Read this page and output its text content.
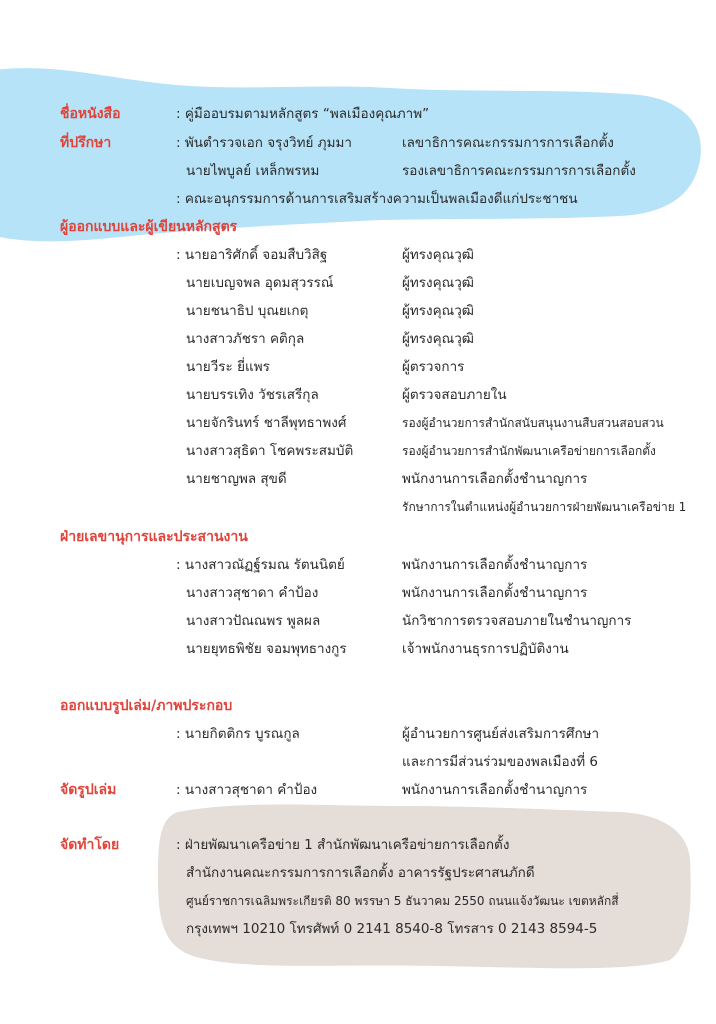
ชื่อหนังสือ	: คู่มืออบรมตามหลักสูตร “พลเมืองคุณภาพ”
ที่ปรึกษา	: พันตำรวจเอก จรุงวิทย์ ภุมมา	เลขาธิการคณะกรรมการการเลือกตั้ง
นายไพบูลย์ เหล็กพรหม	รองเลขาธิการคณะกรรมการการเลือกตั้ง
: คณะอนุกรรมการด้านการเสริมสร้างความเป็นพลเมืองดีแก่ประชาชน
ผู้ออกแบบและผู้เขียนหลักสูตร
: นายอาริศักดิ์ จอมสืบวิสิฐ	ผู้ทรงคุณวุฒิ
นายเบญจพล อุดมสุวรรณ์	ผู้ทรงคุณวุฒิ
นายชนาธิป บุณยเกตุ	ผู้ทรงคุณวุฒิ
นางสาวภัชรา คติกุล	ผู้ทรงคุณวุฒิ
นายวีระ ยี่แพร	ผู้ตรวจการ
นายบรรเทิง วัชรเสรีกุล	ผู้ตรวจสอบภายใน
นายจักรินทร์ ชาลีพุทธาพงศ์	รองผู้อำนวยการสำนักสนับสนุนงานสืบสวนสอบสวน
นางสาวสุธิดา โชคพระสมบัติ	รองผู้อำนวยการสำนักพัฒนาเครือข่ายการเลือกตั้ง
นายชาญพล สุขดี	พนักงานการเลือกตั้งชำนาญการ
รักษาการในตำแหน่งผู้อำนวยการฝ่ายพัฒนาเครือข่าย 1
ฝ่ายเลขานุการและประสานงาน
: นางสาวณัฏฐ์รมณ รัตนนิตย์	พนักงานการเลือกตั้งชำนาญการ
นางสาวสุชาดา คำป้อง	พนักงานการเลือกตั้งชำนาญการ
นางสาวปัณณพร พูลผล	นักวิชาการตรวจสอบภายในชำนาญการ
นายยุทธพิชัย จอมพุทธางกูร	เจ้าพนักงานธุรการปฏิบัติงาน
ออกแบบรูปเล่ม/ภาพประกอบ
: นายกิตติกร บูรณกูล	ผู้อำนวยการศูนย์ส่งเสริมการศึกษา
และการมีส่วนร่วมของพลเมืองที่ 6
จัดรูปเล่ม	: นางสาวสุชาดา คำป้อง	พนักงานการเลือกตั้งชำนาญการ
จัดทำโดย	: ฝ่ายพัฒนาเครือข่าย 1 สำนักพัฒนาเครือข่ายการเลือกตั้ง
สำนักงานคณะกรรมการการเลือกตั้ง อาคารรัฐประศาสนภักดี
ศูนย์ราชการเฉลิมพระเกียรติ 80 พรรษา 5 ธันวาคม 2550 ถนนแจ้งวัฒนะ เขตหลักสี่
กรุงเทพฯ 10210 โทรศัพท์ 0 2141 8540-8 โทรสาร 0 2143 8594-5
